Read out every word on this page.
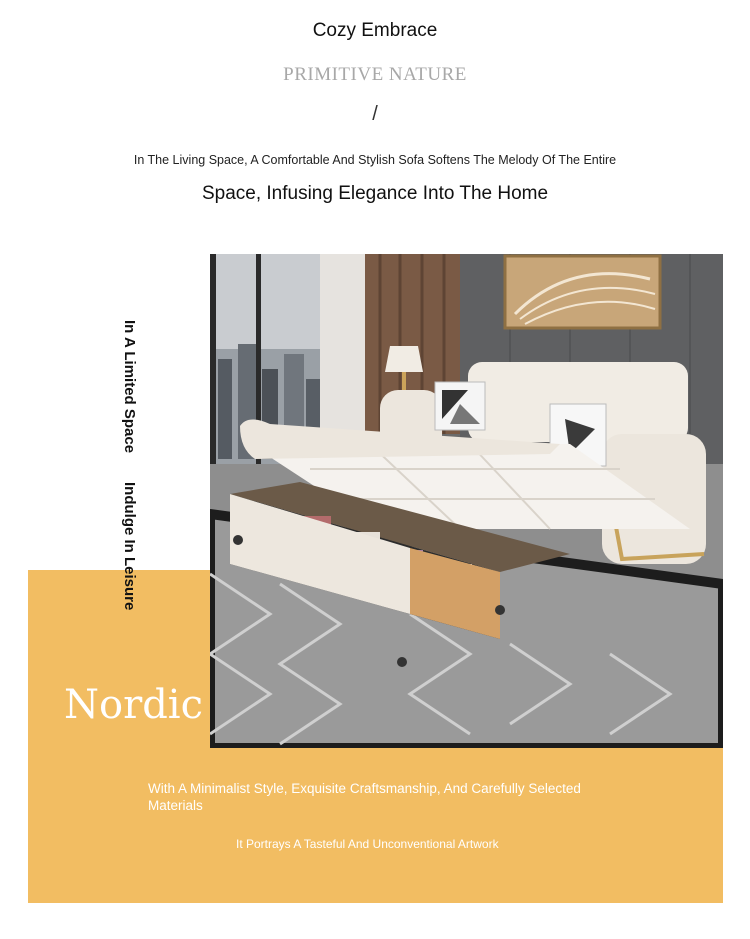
Cozy Embrace
PRIMITIVE NATURE
/
In The Living Space, A Comfortable And Stylish Sofa Softens The Melody Of The Entire
Space, Infusing Elegance Into The Home
In A Limited Space
Indulge In Leisure
Nordic
With A Minimalist Style, Exquisite Craftsmanship, And Carefully Selected Materials
It Portrays A Tasteful And Unconventional Artwork
